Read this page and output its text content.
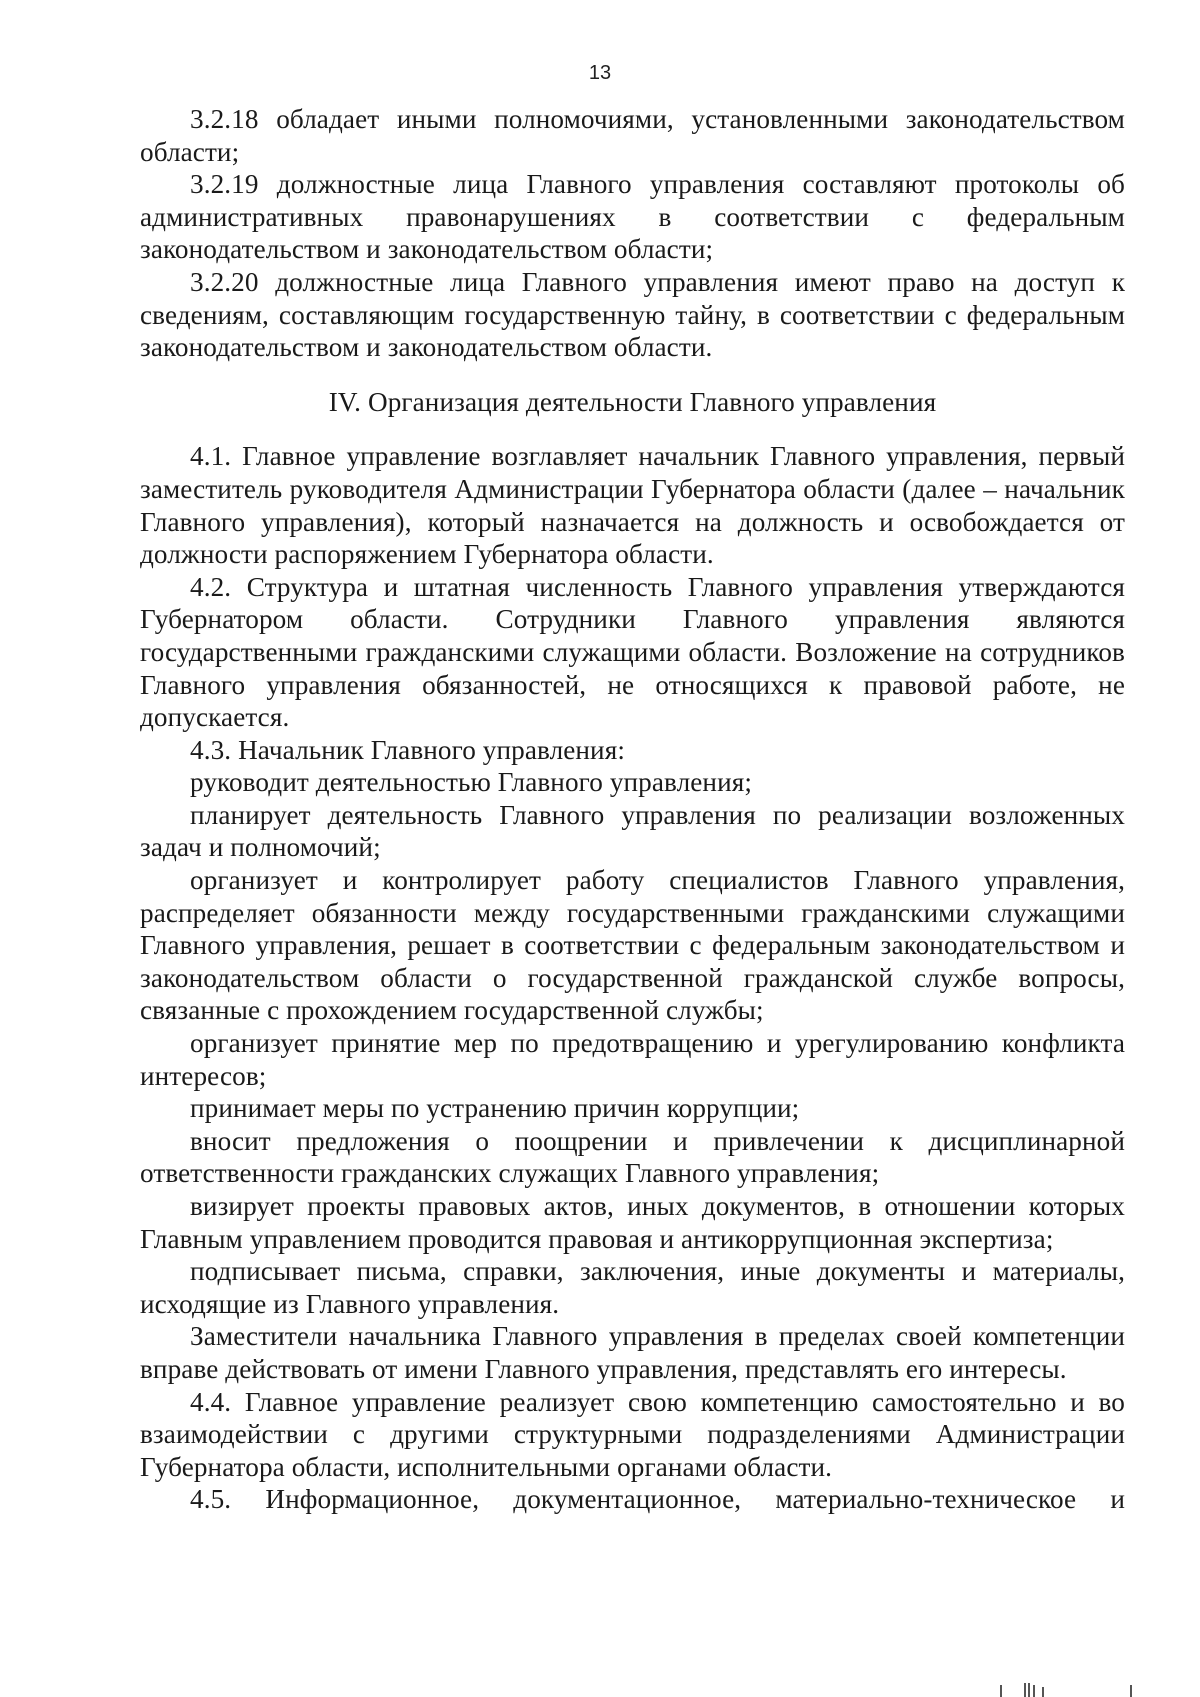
13

3.2.18 обладает иными полномочиями, установленными законодательством области;

3.2.19 должностные лица Главного управления составляют протоколы об административных правонарушениях в соответствии с федеральным законодательством и законодательством области;

3.2.20 должностные лица Главного управления имеют право на доступ к сведениям, составляющим государственную тайну, в соответствии с федеральным законодательством и законодательством области.

IV. Организация деятельности Главного управления

4.1. Главное управление возглавляет начальник Главного управления, первый заместитель руководителя Администрации Губернатора области (далее – начальник Главного управления), который назначается на должность и освобождается от должности распоряжением Губернатора области.

4.2. Структура и штатная численность Главного управления утверждаются Губернатором области. Сотрудники Главного управления являются государственными гражданскими служащими области. Возложение на сотрудников Главного управления обязанностей, не относящихся к правовой работе, не допускается.

4.3. Начальник Главного управления:

руководит деятельностью Главного управления;

планирует деятельность Главного управления по реализации возложенных задач и полномочий;

организует и контролирует работу специалистов Главного управления, распределяет обязанности между государственными гражданскими служащими Главного управления, решает в соответствии с федеральным законодательством и законодательством области о государственной гражданской службе вопросы, связанные с прохождением государственной службы;

организует принятие мер по предотвращению и урегулированию конфликта интересов;

принимает меры по устранению причин коррупции;

вносит предложения о поощрении и привлечении к дисциплинарной ответственности гражданских служащих Главного управления;

визирует проекты правовых актов, иных документов, в отношении которых Главным управлением проводится правовая и антикоррупционная экспертиза;

подписывает письма, справки, заключения, иные документы и материалы, исходящие из Главного управления.

Заместители начальника Главного управления в пределах своей компетенции вправе действовать от имени Главного управления, представлять его интересы.

4.4. Главное управление реализует свою компетенцию самостоятельно и во взаимодействии с другими структурными подразделениями Администрации Губернатора области, исполнительными органами области.

4.5. Информационное, документационное, материально-техническое и
